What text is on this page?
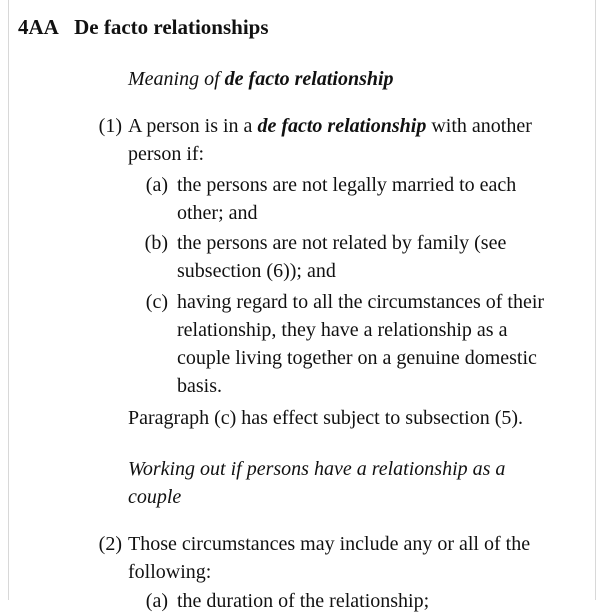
4AA De facto relationships
Meaning of de facto relationship
(1) A person is in a de facto relationship with another
person if:
(a) the persons are not legally married to each
other; and
(b) the persons are not related by family (see
subsection (6)); and
(c) having regard to all the circumstances of their
relationship, they have a relationship as a
couple living together on a genuine domestic
basis.
Paragraph (c) has effect subject to subsection (5).
Working out if persons have a relationship as a
couple
(2) Those circumstances may include any or all of the
following:
(a) the duration of the relationship;
